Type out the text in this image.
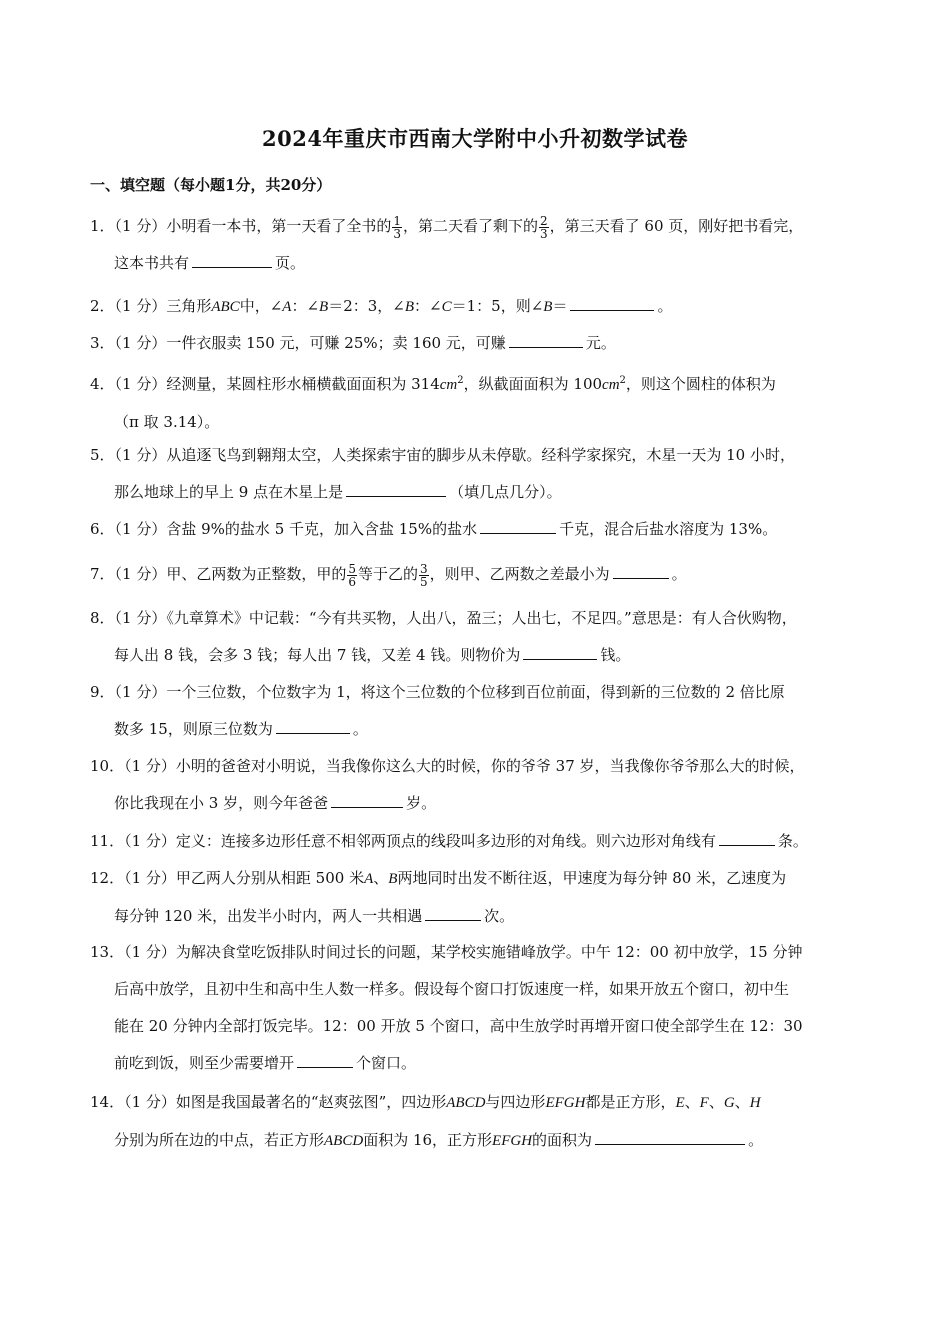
2024年重庆市西南大学附中小升初数学试卷
一、填空题（每小题1分，共20分）
1．（1 分）小明看一本书，第一天看了全书的 $\frac{1}{3}$ ，第二天看了剩下的 $\frac{2}{3}$ ，第三天看了 60 页，刚好把书看完，
这本书共有	页。
2．（1 分）三角形ABC中，∠A：∠B＝2：3，∠B：∠C＝1：5，则∠B＝	。
3．（1 分）一件衣服卖 150 元，可赚 25%；卖 160 元，可赚	元。
4．（1 分）经测量，某圆柱形水桶横截面面积为 $314cm^2$，纵截面面积为 $100cm^2$，则这个圆柱的体积为
（π 取 3.14）。
5．（1 分）从追逐飞鸟到翱翔太空，人类探索宇宙的脚步从未停歇。经科学家探究，木星一天为 10 小时，
那么地球上的早上 9 点在木星上是	（填几点几分）。
6．（1 分）含盐 9%的盐水 5 千克，加入含盐 15%的盐水	千克，混合后盐水溶度为 13%。
7．（1 分）甲、乙两数为正整数，甲的 $\frac{5}{6}$ 等于乙的 $\frac{3}{5}$ ，则甲、乙两数之差最小为	。
8．（1 分）《九章算术》中记载：“今有共买物，人出八，盈三；人出七，不足四。”意思是：有人合伙购物，
每人出 8 钱，会多 3 钱；每人出 7 钱，又差 4 钱。则物价为	钱。
9．（1 分）一个三位数，个位数字为 1，将这个三位数的个位移到百位前面，得到新的三位数的 2 倍比原
数多 15，则原三位数为	。
10．（1 分）小明的爸爸对小明说，当我像你这么大的时候，你的爷爷 37 岁，当我像你爷爷那么大的时候，
你比我现在小 3 岁，则今年爸爸	岁。
11．（1 分）定义：连接多边形任意不相邻两顶点的线段叫多边形的对角线。则六边形对角线有	条。
12．（1 分）甲乙两人分别从相距 500 米A、B两地同时出发不断往返，甲速度为每分钟 80 米，乙速度为
每分钟 120 米，出发半小时内，两人一共相遇	次。
13．（1 分）为解决食堂吃饭排队时间过长的问题，某学校实施错峰放学。中午 12：00 初中放学，15 分钟
后高中放学，且初中生和高中生人数一样多。假设每个窗口打饭速度一样，如果开放五个窗口，初中生
能在 20 分钟内全部打饭完毕。12：00 开放 5 个窗口，高中生放学时再增开窗口使全部学生在 12：30
前吃到饭，则至少需要增开	个窗口。
14．（1 分）如图是我国最著名的“赵爽弦图”，四边形ABCD与四边形EFGH都是正方形，E、F、G、H
分别为所在边的中点，若正方形ABCD面积为 16，正方形EFGH的面积为	。
